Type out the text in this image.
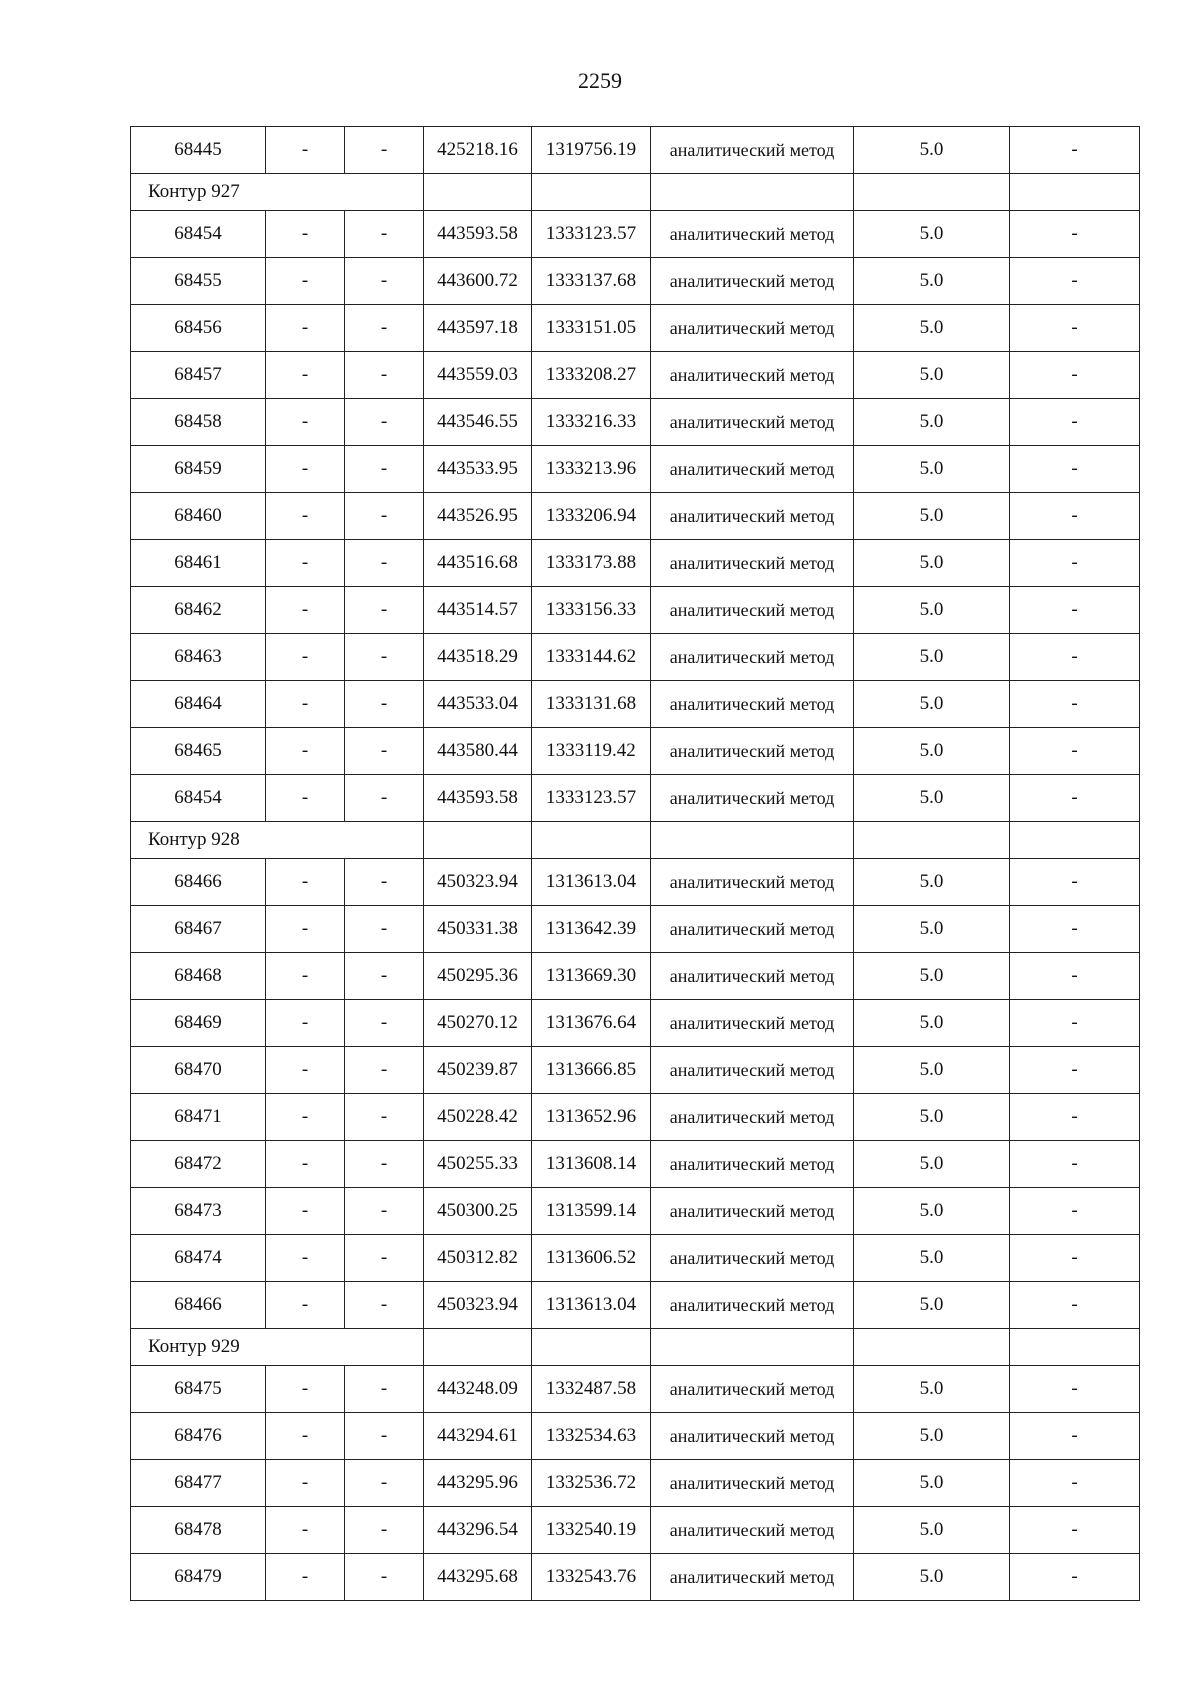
2259
68445	-	-	425218.16	1319756.19	аналитический метод	5.0	-
Контур 927							
68454	-	-	443593.58	1333123.57	аналитический метод	5.0	-
68455	-	-	443600.72	1333137.68	аналитический метод	5.0	-
68456	-	-	443597.18	1333151.05	аналитический метод	5.0	-
68457	-	-	443559.03	1333208.27	аналитический метод	5.0	-
68458	-	-	443546.55	1333216.33	аналитический метод	5.0	-
68459	-	-	443533.95	1333213.96	аналитический метод	5.0	-
68460	-	-	443526.95	1333206.94	аналитический метод	5.0	-
68461	-	-	443516.68	1333173.88	аналитический метод	5.0	-
68462	-	-	443514.57	1333156.33	аналитический метод	5.0	-
68463	-	-	443518.29	1333144.62	аналитический метод	5.0	-
68464	-	-	443533.04	1333131.68	аналитический метод	5.0	-
68465	-	-	443580.44	1333119.42	аналитический метод	5.0	-
68454	-	-	443593.58	1333123.57	аналитический метод	5.0	-
Контур 928							
68466	-	-	450323.94	1313613.04	аналитический метод	5.0	-
68467	-	-	450331.38	1313642.39	аналитический метод	5.0	-
68468	-	-	450295.36	1313669.30	аналитический метод	5.0	-
68469	-	-	450270.12	1313676.64	аналитический метод	5.0	-
68470	-	-	450239.87	1313666.85	аналитический метод	5.0	-
68471	-	-	450228.42	1313652.96	аналитический метод	5.0	-
68472	-	-	450255.33	1313608.14	аналитический метод	5.0	-
68473	-	-	450300.25	1313599.14	аналитический метод	5.0	-
68474	-	-	450312.82	1313606.52	аналитический метод	5.0	-
68466	-	-	450323.94	1313613.04	аналитический метод	5.0	-
Контур 929							
68475	-	-	443248.09	1332487.58	аналитический метод	5.0	-
68476	-	-	443294.61	1332534.63	аналитический метод	5.0	-
68477	-	-	443295.96	1332536.72	аналитический метод	5.0	-
68478	-	-	443296.54	1332540.19	аналитический метод	5.0	-
68479	-	-	443295.68	1332543.76	аналитический метод	5.0	-
